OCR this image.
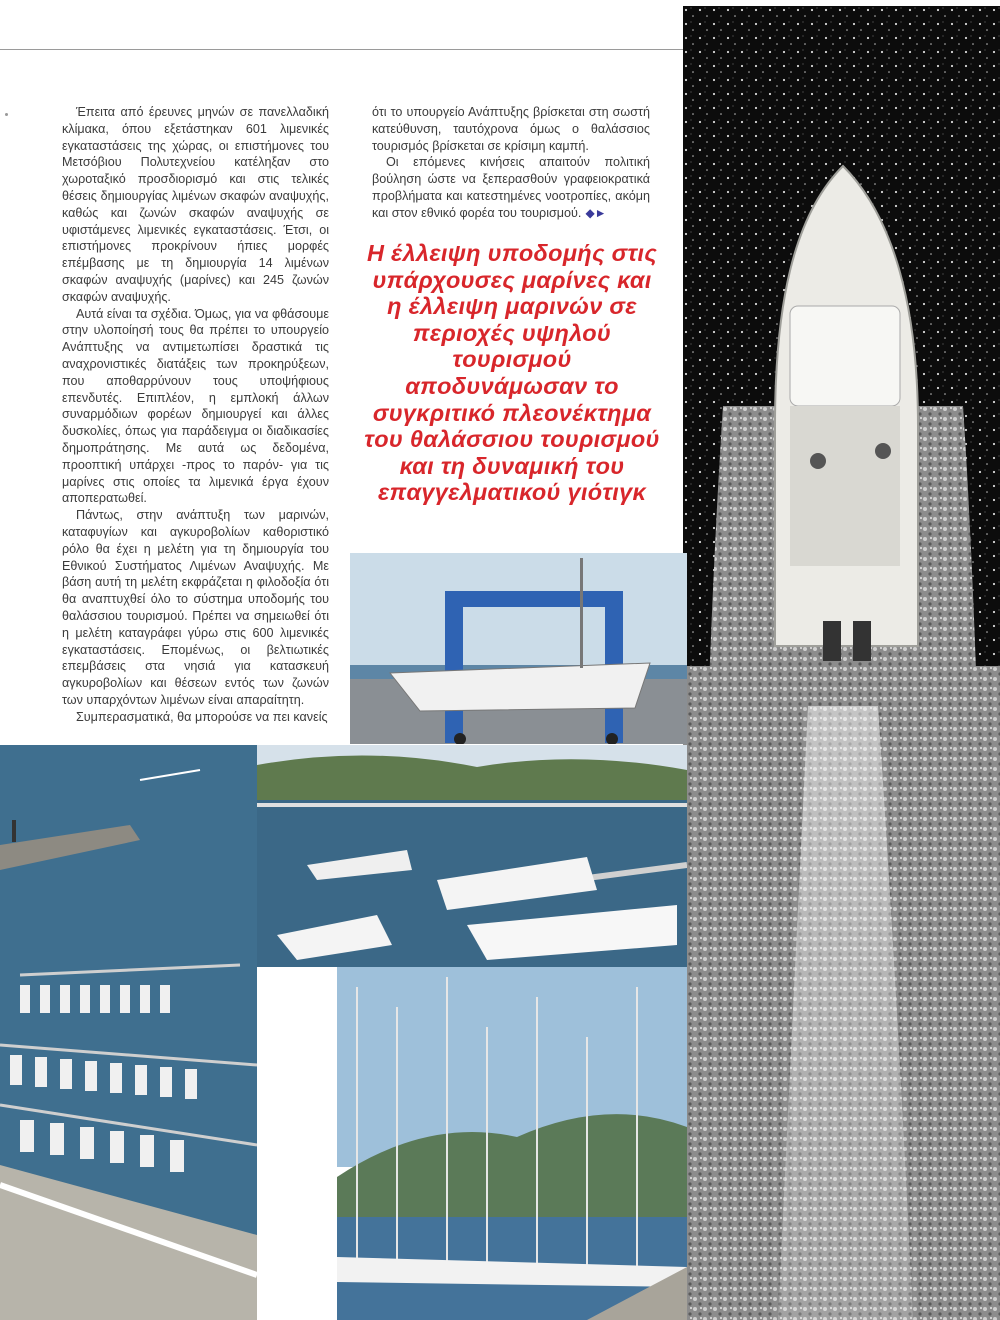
Έπειτα από έρευνες μηνών σε πανελλαδική κλίμακα, όπου εξετάστηκαν 601 λιμενικές εγκαταστάσεις της χώρας, οι επιστήμονες του Μετσόβιου Πολυτεχνείου κατέληξαν στο χωροταξικό προσδιορισμό και στις τελικές θέσεις δημιουργίας λιμένων σκαφών αναψυχής, καθώς και ζωνών σκαφών αναψυχής σε υφιστάμενες λιμενικές εγκαταστάσεις. Έτσι, οι επιστήμονες προκρίνουν ήπιες μορφές επέμβασης με τη δημιουργία 14 λιμένων σκαφών αναψυχής (μαρίνες) και 245 ζωνών σκαφών αναψυχής.

Αυτά είναι τα σχέδια. Όμως, για να φθάσουμε στην υλοποίησή τους θα πρέπει το υπουργείο Ανάπτυξης να αντιμετωπίσει δραστικά τις αναχρονιστικές διατάξεις των προκηρύξεων, που αποθαρρύνουν τους υποψήφιους επενδυτές. Επιπλέον, η εμπλοκή άλλων συναρμόδιων φορέων δημιουργεί και άλλες δυσκολίες, όπως για παράδειγμα οι διαδικασίες δημοπράτησης. Με αυτά ως δεδομένα, προοπτική υπάρχει -προς το παρόν- για τις μαρίνες στις οποίες τα λιμενικά έργα έχουν αποπερατωθεί.

Πάντως, στην ανάπτυξη των μαρινών, καταφυγίων και αγκυροβολίων καθοριστικό ρόλο θα έχει η μελέτη για τη δημιουργία του Εθνικού Συστήματος Λιμένων Αναψυχής. Με βάση αυτή τη μελέτη εκφράζεται η φιλοδοξία ότι θα αναπτυχθεί όλο το σύστημα υποδομής του θαλάσσιου τουρισμού. Πρέπει να σημειωθεί ότι η μελέτη καταγράφει γύρω στις 600 λιμενικές εγκαταστάσεις. Επομένως, οι βελτιωτικές επεμβάσεις στα νησιά για κατασκευή αγκυροβολίων και θέσεων εντός των ζωνών των υπαρχόντων λιμένων είναι απαραίτητη.

Συμπερασματικά, θα μπορούσε να πει κανείς

ότι το υπουργείο Ανάπτυξης βρίσκεται στη σωστή κατεύθυνση, ταυτόχρονα όμως ο θαλάσσιος τουρισμός βρίσκεται σε κρίσιμη καμπή.

Οι επόμενες κινήσεις απαιτούν πολιτική βούληση ώστε να ξεπερασθούν γραφειοκρατικά προβλήματα και κατεστημένες νοοτροπίες, ακόμη και στον εθνικό φορέα του τουρισμού. ◆►

Η έλλειψη υποδομής στις υπάρχουσες μαρίνες και η έλλειψη μαρινών σε περιοχές υψηλού τουρισμού αποδυνάμωσαν το συγκριτικό πλεονέκτημα του θαλάσσιου τουρισμού και τη δυναμική του επαγγελματικού γιότιγκ
